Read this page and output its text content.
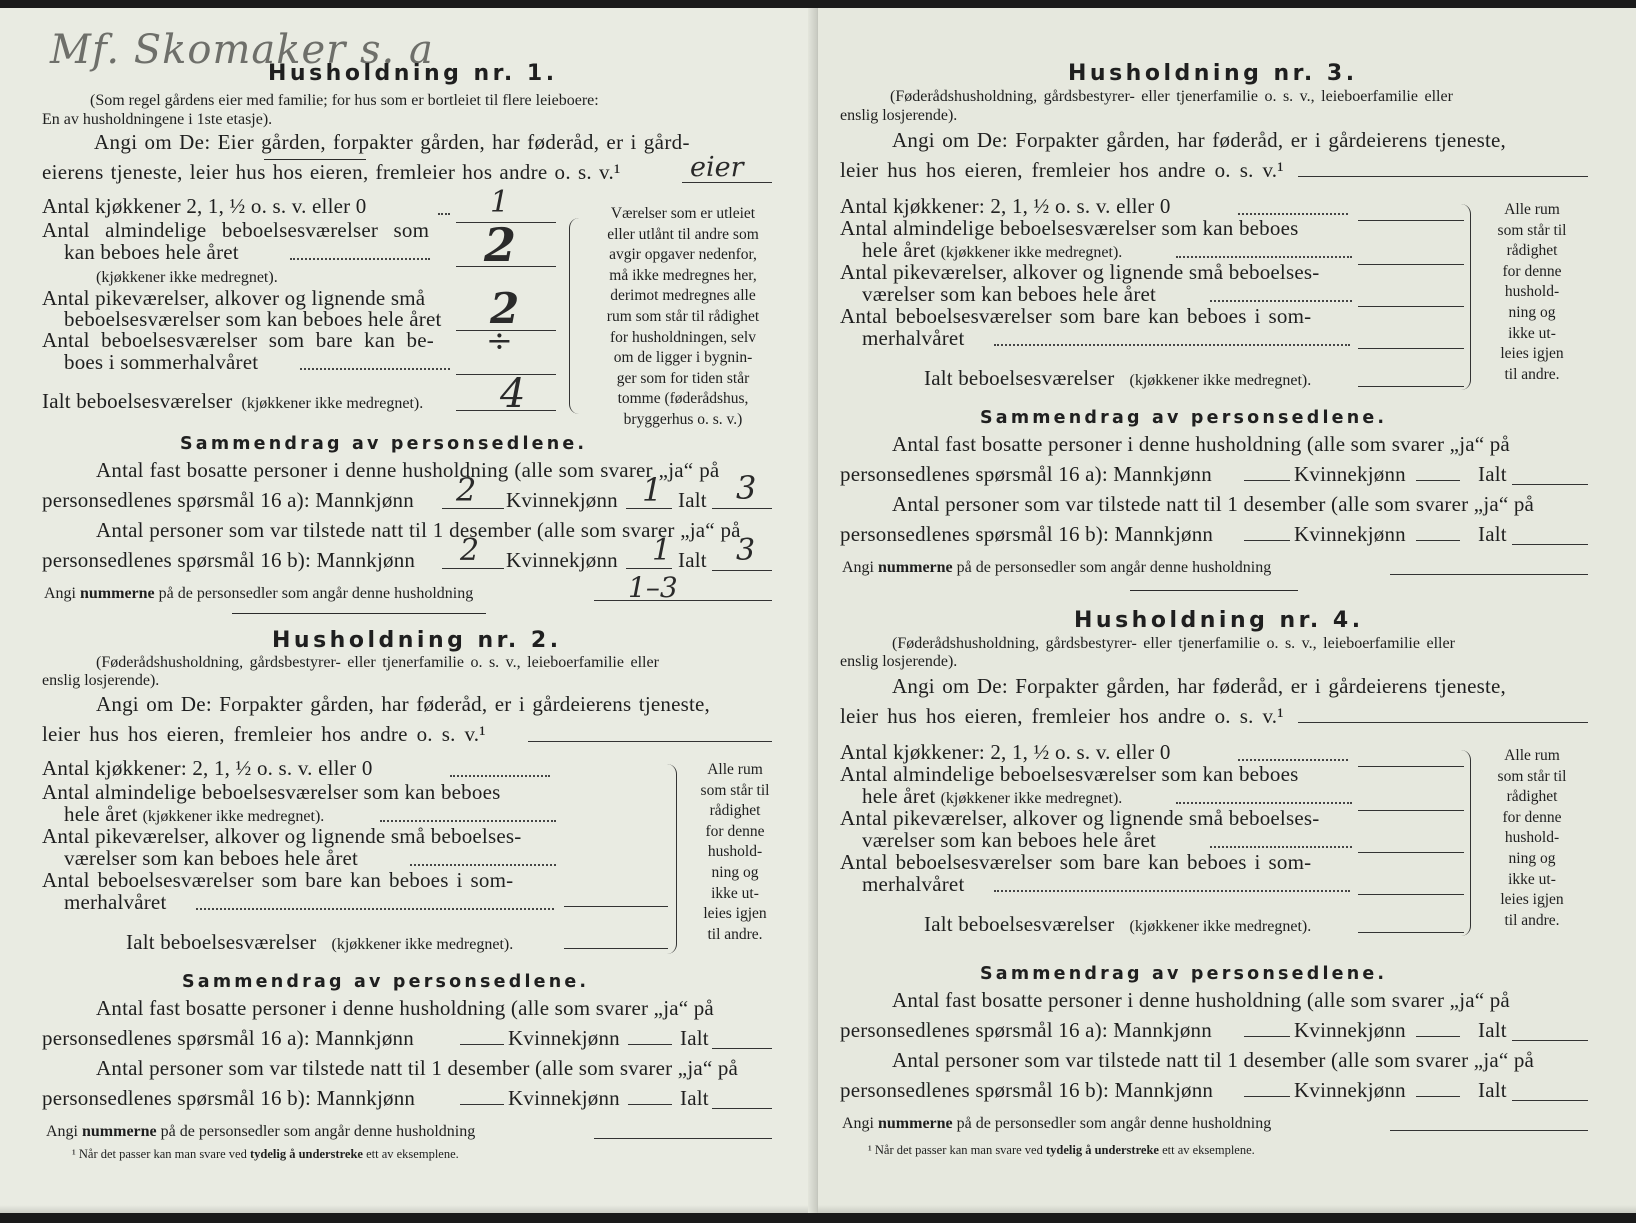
Mf. Skomaker s. a
Husholdning nr. 1.
(Som regel gårdens eier med familie; for hus som er bortleiet til flere leieboere:
En av husholdningene i 1ste etasje).
Angi om De: Eier gården, forpakter gården, har føderåd, er i gård-
eierens tjeneste, leier hus hos eieren, fremleier hos andre o. s. v.¹	eier
Antal kjøkkener 2, 1, ½ o. s. v. eller 0	1
Antal almindelige beboelsesværelser som
kan beboes hele året	2
(kjøkkener ikke medregnet).
Antal pikeværelser, alkover og lignende små
beboelsesværelser som kan beboes hele året 2
Antal beboelsesværelser som bare kan be-
boes i sommerhalvåret
÷
Ialt beboelsesværelser (kjøkkener ikke medregnet). 4
Værelser som er utleiet
eller utlånt til andre som
avgir opgaver nedenfor,
må ikke medregnes her,
derimot medregnes alle
rum som står til rådighet
for husholdningen, selv
om de ligger i bygnin-
ger som for tiden står
tomme (føderådshus,
bryggerhus o. s. v.)
Sammendrag av personsedlene.
Antal fast bosatte personer i denne husholdning (alle som svarer „ja“ på
personsedlenes spørsmål 16 a): Mannkjønn 2 Kvinnekjønn 1 Ialt 3
Antal personer som var tilstede natt til 1 desember (alle som svarer „ja“ på
personsedlenes spørsmål 16 b): Mannkjønn 2 Kvinnekjønn 1 Ialt 3
Angi nummerne på de personsedler som angår denne husholdning	1–3
Husholdning nr. 2.
(Føderådshusholdning, gårdsbestyrer- eller tjenerfamilie o. s. v., leieboerfamilie eller
enslig losjerende).
Angi om De: Forpakter gården, har føderåd, er i gårdeierens tjeneste,
leier hus hos eieren, fremleier hos andre o. s. v.¹
Antal kjøkkener: 2, 1, ½ o. s. v. eller 0
Antal almindelige beboelsesværelser som kan beboes
hele året (kjøkkener ikke medregnet).
Antal pikeværelser, alkover og lignende små beboelses-
værelser som kan beboes hele året
Antal beboelsesværelser som bare kan beboes i som-
merhalvåret
Ialt beboelsesværelser (kjøkkener ikke medregnet).
Alle rum
som står til
rådighet
for denne
hushold-
ning og
ikke ut-
leies igjen
til andre.
Sammendrag av personsedlene.
Antal fast bosatte personer i denne husholdning (alle som svarer „ja“ på
personsedlenes spørsmål 16 a): Mannkjønn	Kvinnekjønn	Ialt
Antal personer som var tilstede natt til 1 desember (alle som svarer „ja“ på
personsedlenes spørsmål 16 b): Mannkjønn	Kvinnekjønn	Ialt
Angi nummerne på de personsedler som angår denne husholdning
¹ Når det passer kan man svare ved tydelig å understreke ett av eksemplene.
Husholdning nr. 3.
(Føderådshusholdning, gårdsbestyrer- eller tjenerfamilie o. s. v., leieboerfamilie eller
enslig losjerende).
Angi om De: Forpakter gården, har føderåd, er i gårdeierens tjeneste,
leier hus hos eieren, fremleier hos andre o. s. v.¹
Antal kjøkkener: 2, 1, ½ o. s. v. eller 0
Antal almindelige beboelsesværelser som kan beboes
hele året (kjøkkener ikke medregnet).
Antal pikeværelser, alkover og lignende små beboelses-
værelser som kan beboes hele året
Antal beboelsesværelser som bare kan beboes i som-
merhalvåret
Ialt beboelsesværelser (kjøkkener ikke medregnet).
Alle rum
som står til
rådighet
for denne
hushold-
ning og
ikke ut-
leies igjen
til andre.
Sammendrag av personsedlene.
Antal fast bosatte personer i denne husholdning (alle som svarer „ja“ på
personsedlenes spørsmål 16 a): Mannkjønn	Kvinnekjønn	Ialt
Antal personer som var tilstede natt til 1 desember (alle som svarer „ja“ på
personsedlenes spørsmål 16 b): Mannkjønn	Kvinnekjønn	Ialt
Angi nummerne på de personsedler som angår denne husholdning
Husholdning nr. 4.
(Føderådshusholdning, gårdsbestyrer- eller tjenerfamilie o. s. v., leieboerfamilie eller
enslig losjerende).
Angi om De: Forpakter gården, har føderåd, er i gårdeierens tjeneste,
leier hus hos eieren, fremleier hos andre o. s. v.¹
Antal kjøkkener: 2, 1, ½ o. s. v. eller 0
Antal almindelige beboelsesværelser som kan beboes
hele året (kjøkkener ikke medregnet).
Antal pikeværelser, alkover og lignende små beboelses-
værelser som kan beboes hele året
Antal beboelsesværelser som bare kan beboes i som-
merhalvåret
Ialt beboelsesværelser (kjøkkener ikke medregnet).
Alle rum
som står til
rådighet
for denne
hushold-
ning og
ikke ut-
leies igjen
til andre.
Sammendrag av personsedlene.
Antal fast bosatte personer i denne husholdning (alle som svarer „ja“ på
personsedlenes spørsmål 16 a): Mannkjønn	Kvinnekjønn	Ialt
Antal personer som var tilstede natt til 1 desember (alle som svarer „ja“ på
personsedlenes spørsmål 16 b): Mannkjønn	Kvinnekjønn	Ialt
Angi nummerne på de personsedler som angår denne husholdning
¹ Når det passer kan man svare ved tydelig å understreke ett av eksemplene.
